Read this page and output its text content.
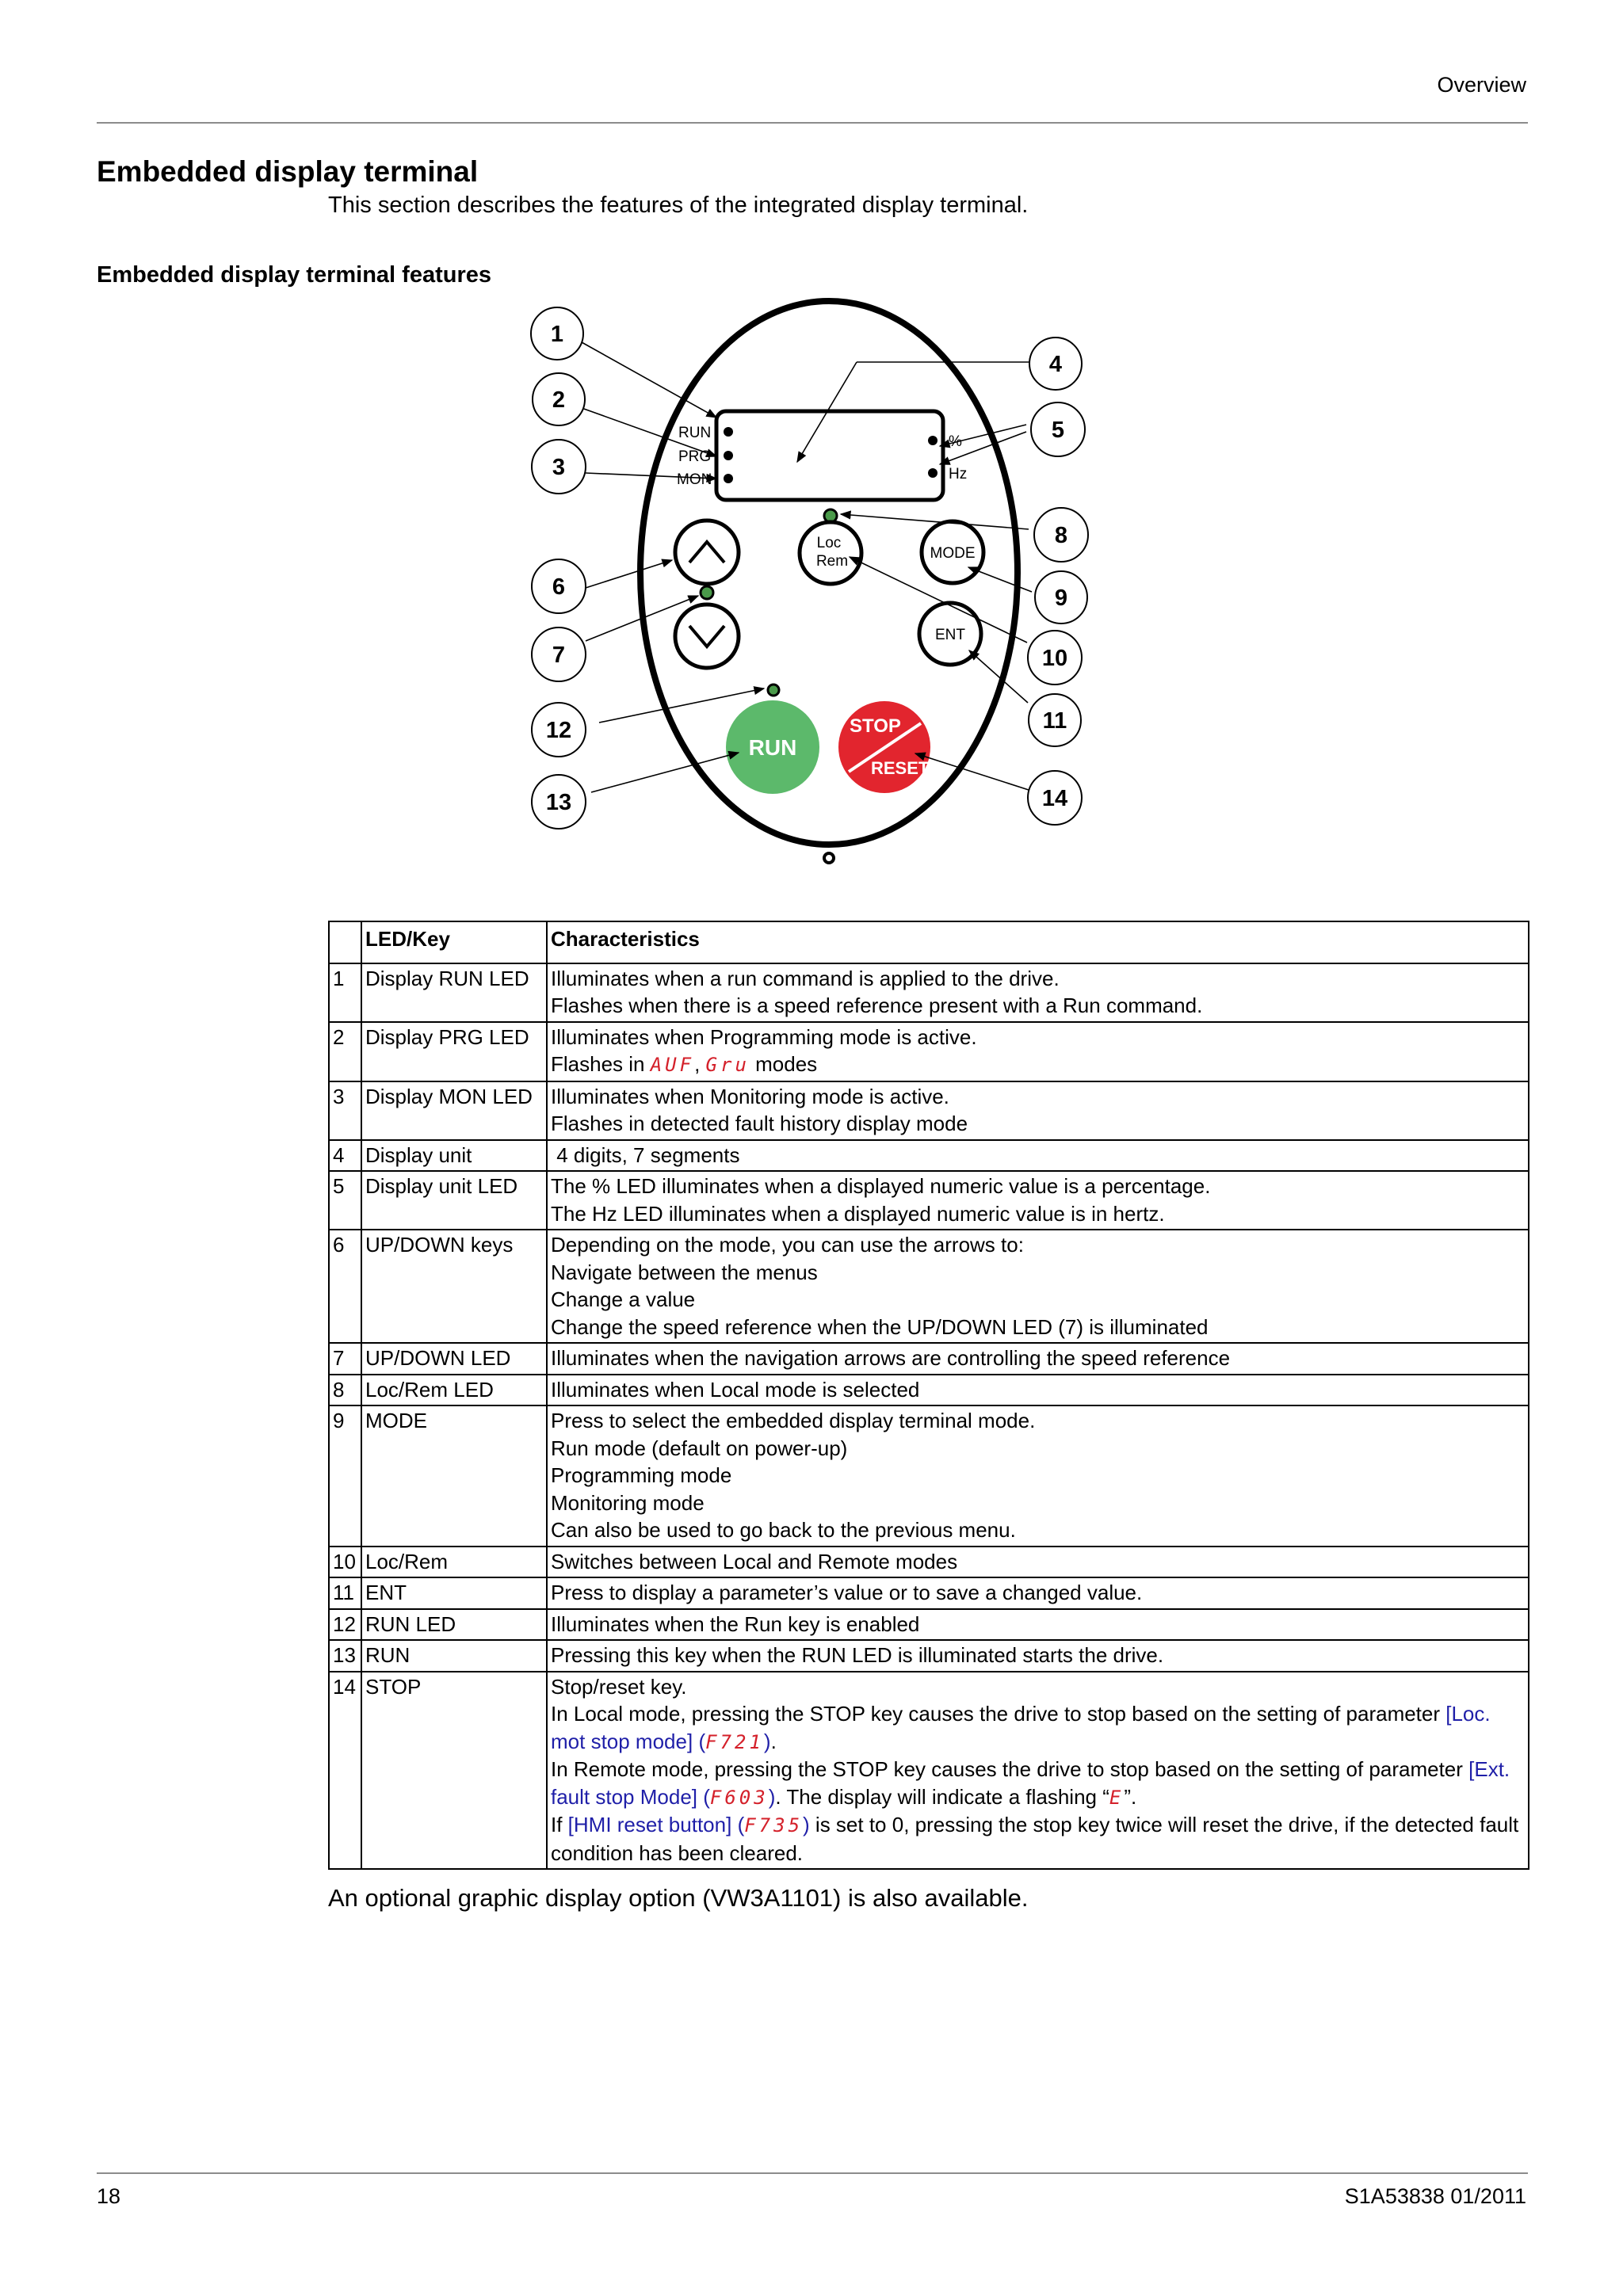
Overview
Embedded display terminal
This section describes the features of the integrated display terminal.
Embedded display terminal features
RUN
PRG
MON
%
Hz
Loc
Rem	MODE
ENT
RUN
STOP
RESET
1
2
3
4
5
6
7
8
9
10
11
12
13	14
	LED/Key	Characteristics
1	Display RUN LED	Illuminates when a run command is applied to the drive.
Flashes when there is a speed reference present with a Run command.

2	Display PRG LED	Illuminates when Programming mode is active.
Flashes in AUF, Gru modes

3	Display MON LED	Illuminates when Monitoring mode is active.
Flashes in detected fault history display mode

4	Display unit	4 digits, 7 segments

5	Display unit LED	The % LED illuminates when a displayed numeric value is a percentage.
The Hz LED illuminates when a displayed numeric value is in hertz.

6	UP/DOWN keys	Depending on the mode, you can use the arrows to:
Navigate between the menus
Change a value
Change the speed reference when the UP/DOWN LED (7) is illuminated

7	UP/DOWN LED	Illuminates when the navigation arrows are controlling the speed reference

8	Loc/Rem LED	Illuminates when Local mode is selected

9	MODE	Press to select the embedded display terminal mode.
Run mode (default on power-up)
Programming mode
Monitoring mode
Can also be used to go back to the previous menu.

10	Loc/Rem	Switches between Local and Remote modes

11	ENT	Press to display a parameter’s value or to save a changed value.

12	RUN LED	Illuminates when the Run key is enabled

13	RUN	Pressing this key when the RUN LED is illuminated starts the drive.

14	STOP	Stop/reset key.
In Local mode, pressing the STOP key causes the drive to stop based on the setting of parameter [Loc. mot stop mode] (F721).
In Remote mode, pressing the STOP key causes the drive to stop based on the setting of parameter [Ext. fault stop Mode] (F603). The display will indicate a flashing “E”.
If [HMI reset button] (F735) is set to 0, pressing the stop key twice will reset the drive, if the detected fault condition has been cleared.
An optional graphic display option (VW3A1101) is also available.
18	S1A53838 01/2011
